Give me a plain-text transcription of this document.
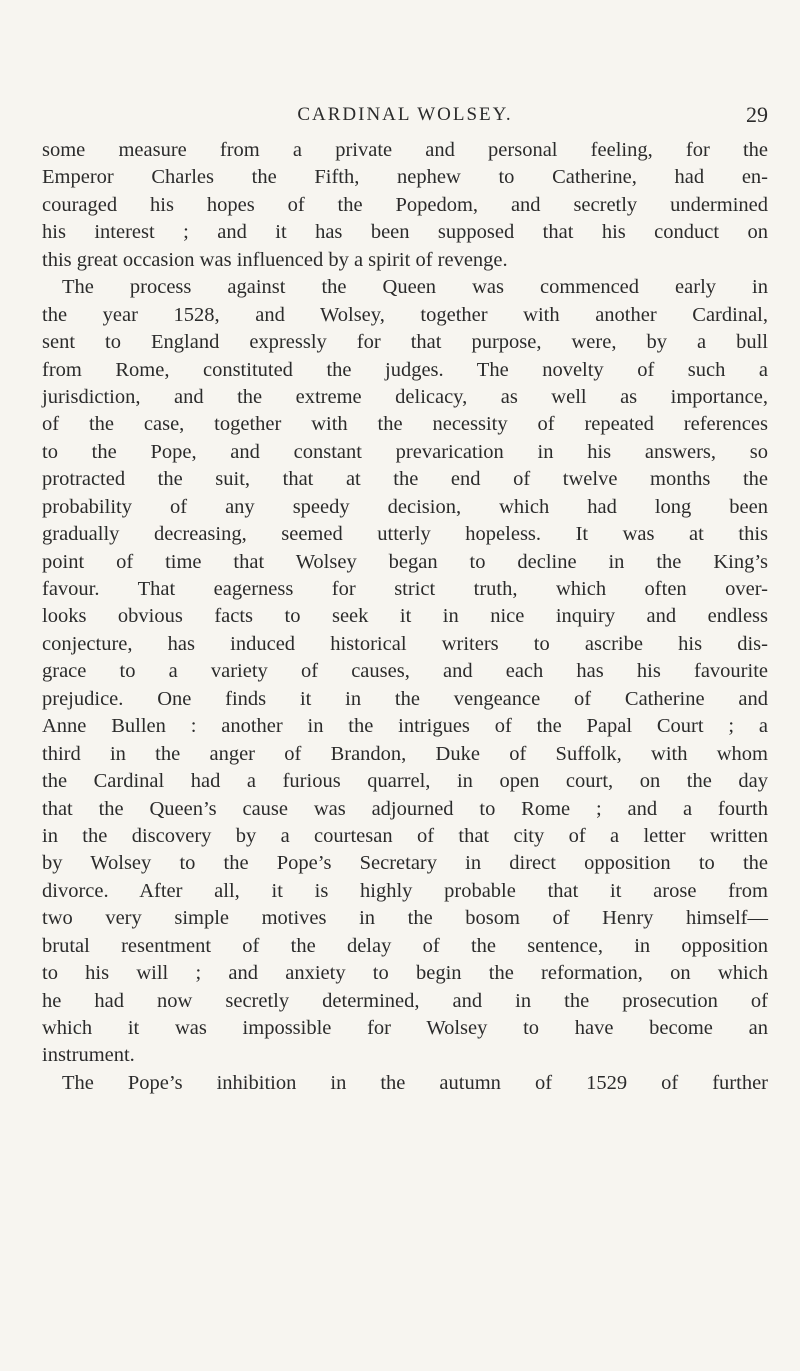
CARDINAL WOLSEY.	29
some measure from a private and personal feeling, for the
Emperor Charles the Fifth, nephew to Catherine, had en-
couraged his hopes of the Popedom, and secretly undermined
his interest ; and it has been supposed that his conduct on
this great occasion was influenced by a spirit of revenge.
The process against the Queen was commenced early in
the year 1528, and Wolsey, together with another Cardinal,
sent to England expressly for that purpose, were, by a bull
from Rome, constituted the judges. The novelty of such a
jurisdiction, and the extreme delicacy, as well as importance,
of the case, together with the necessity of repeated references
to the Pope, and constant prevarication in his answers, so
protracted the suit, that at the end of twelve months the
probability of any speedy decision, which had long been
gradually decreasing, seemed utterly hopeless. It was at this
point of time that Wolsey began to decline in the King’s
favour. That eagerness for strict truth, which often over-
looks obvious facts to seek it in nice inquiry and endless
conjecture, has induced historical writers to ascribe his dis-
grace to a variety of causes, and each has his favourite
prejudice. One finds it in the vengeance of Catherine and
Anne Bullen : another in the intrigues of the Papal Court ; a
third in the anger of Brandon, Duke of Suffolk, with whom
the Cardinal had a furious quarrel, in open court, on the day
that the Queen’s cause was adjourned to Rome ; and a fourth
in the discovery by a courtesan of that city of a letter written
by Wolsey to the Pope’s Secretary in direct opposition to the
divorce. After all, it is highly probable that it arose from
two very simple motives in the bosom of Henry himself—
brutal resentment of the delay of the sentence, in opposition
to his will ; and anxiety to begin the reformation, on which
he had now secretly determined, and in the prosecution of
which it was impossible for Wolsey to have become an
instrument.
The Pope’s inhibition in the autumn of 1529 of further
